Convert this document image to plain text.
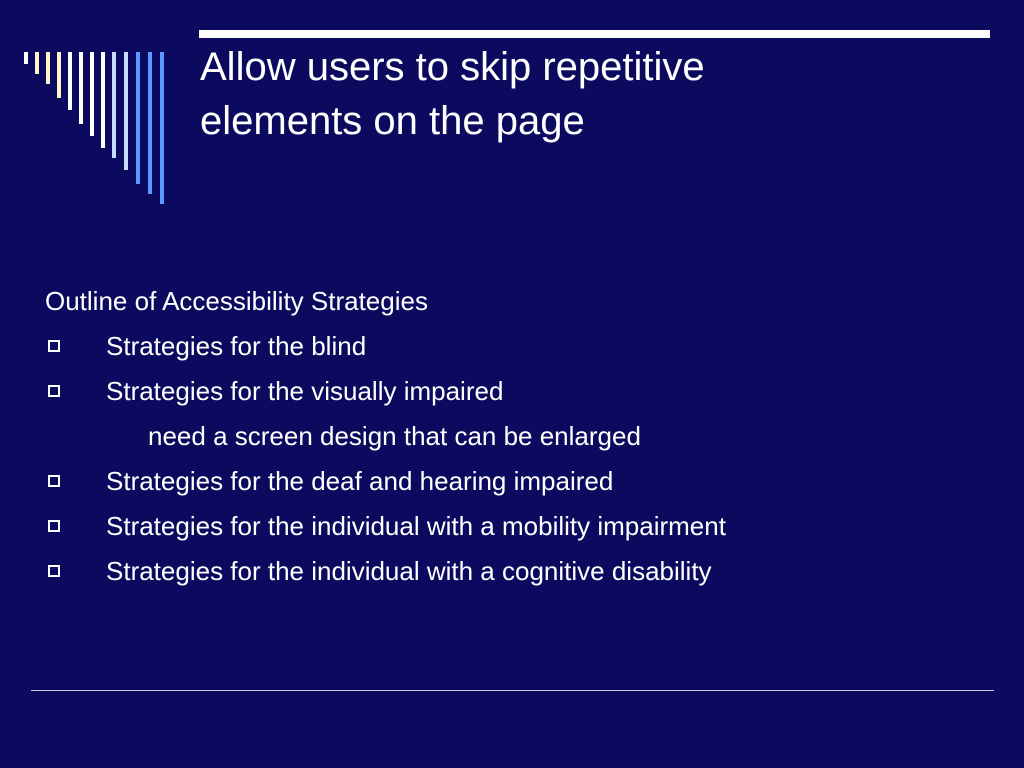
Allow users to skip repetitive
elements on the page
Outline of Accessibility Strategies
Strategies for the blind
Strategies for the visually impaired
need a screen design that can be enlarged
Strategies for the deaf and hearing impaired
Strategies for the individual with a mobility impairment
Strategies for the individual with a cognitive disability
